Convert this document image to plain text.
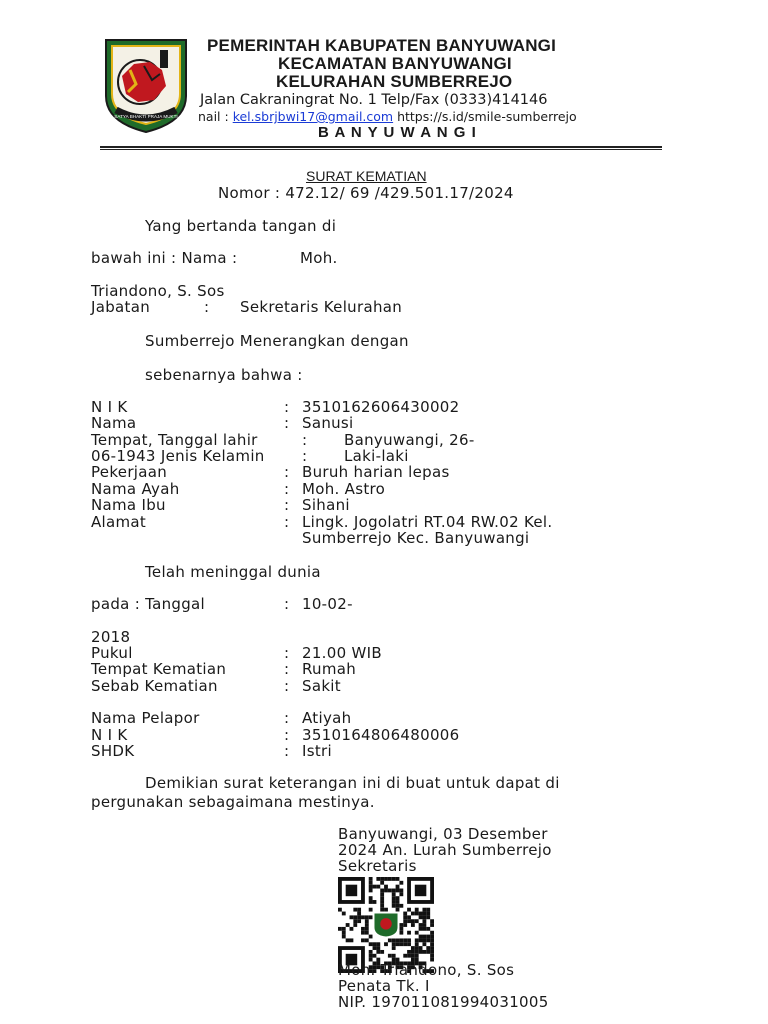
SATYA BHAKTI PRAJA MUKTI
PEMERINTAH KABUPATEN BANYUWANGI
KECAMATAN BANYUWANGI
KELURAHAN SUMBERREJO
Jalan Cakraningrat No. 1 Telp/Fax (0333)414146
nail : kel.sbrjbwi17@gmail.com https://s.id/smile-sumberrejo
B A N Y U W A N G I
SURAT KEMATIAN
Nomor : 472.12/ 69 /429.501.17/2024
Yang bertanda tangan di
bawah ini : Nama :	Moh.
Triandono, S. Sos
Jabatan	: Sekretaris Kelurahan
Sumberrejo Menerangkan dengan
sebenarnya bahwa :
N I K	: 3510162606430002
Nama	: Sanusi
Tempat, Tanggal lahir	: Banyuwangi, 26-
06-1943 Jenis Kelamin : Laki-laki
Pekerjaan	: Buruh harian lepas
Nama Ayah	: Moh. Astro
Nama Ibu	: Sihani
Alamat	: Lingk. Jogolatri RT.04 RW.02 Kel.
Sumberrejo Kec. Banyuwangi
Telah meninggal dunia
pada : Tanggal	: 10-02-
2018
Pukul	: 21.00 WIB
Tempat Kematian	: Rumah
Sebab Kematian	: Sakit
Nama Pelapor	: Atiyah
N I K	: 3510164806480006
SHDK	: Istri
Demikian surat keterangan ini di buat untuk dapat di
pergunakan sebagaimana mestinya.
Banyuwangi, 03 Desember
2024 An. Lurah Sumberrejo
Sekretaris
Moh. Triandono, S. Sos
Penata Tk. I
NIP. 197011081994031005
